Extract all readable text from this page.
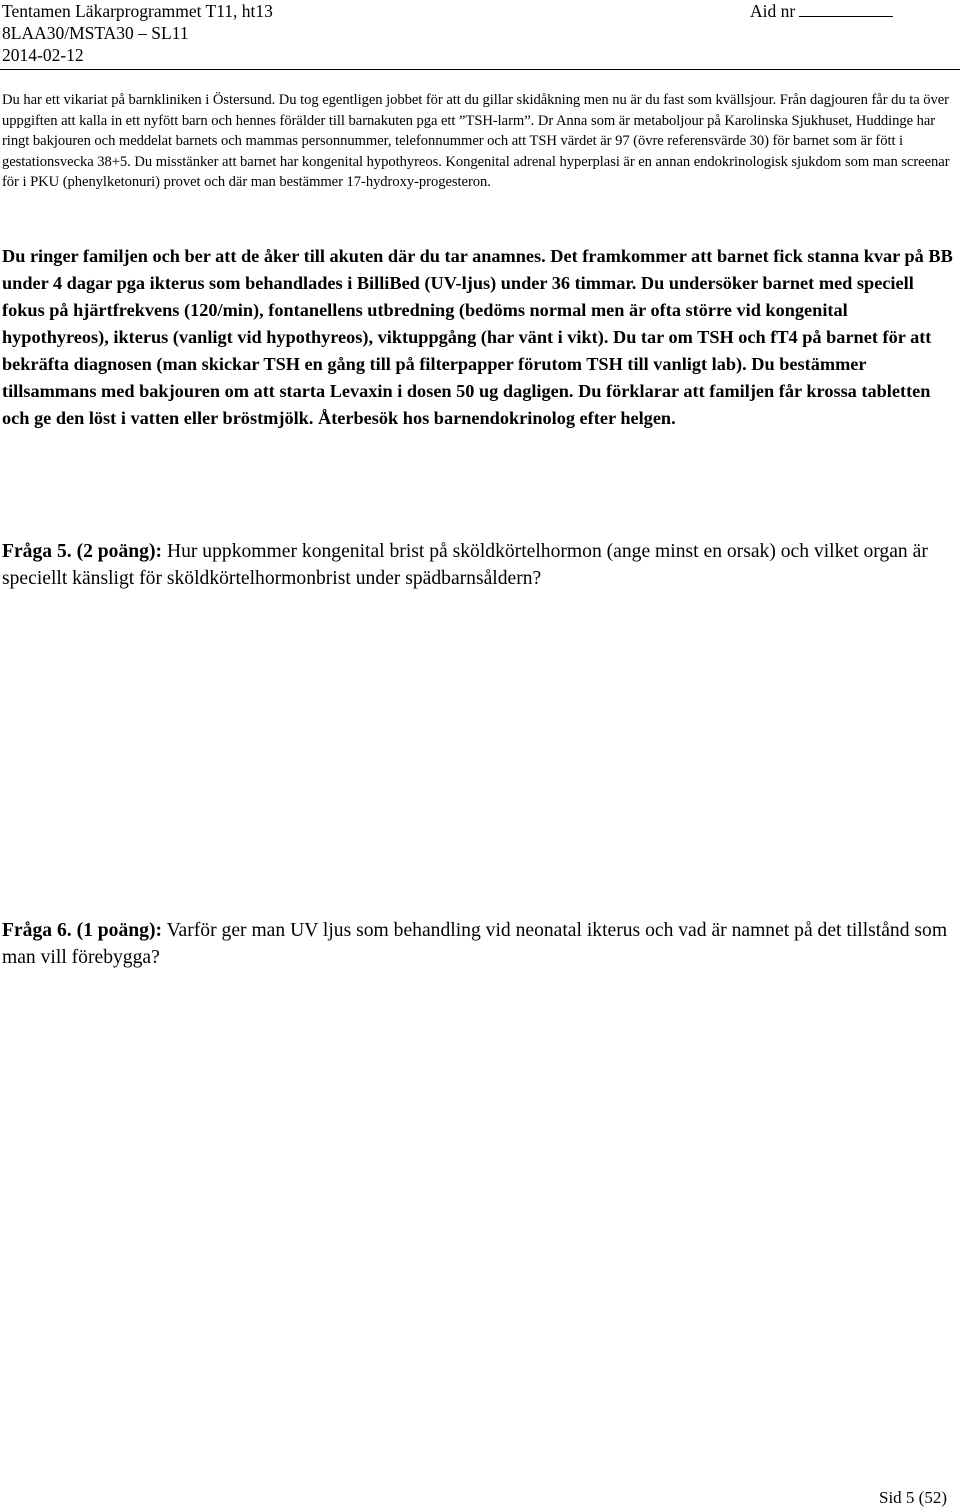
Tentamen Läkarprogrammet T11, ht13
8LAA30/MSTA30 – SL11
2014-02-12
Aid nr
Du har ett vikariat på barnkliniken i Östersund. Du tog egentligen jobbet för att du gillar skidåkning men nu är du fast som kvällsjour. Från dagjouren får du ta över uppgiften att kalla in ett nyfött barn och hennes förälder till barnakuten pga ett ”TSH-larm”. Dr Anna som är metaboljour på Karolinska Sjukhuset, Huddinge har ringt bakjouren och meddelat barnets och mammas personnummer, telefonnummer och att TSH värdet är 97 (övre referensvärde 30) för barnet som är fött i gestationsvecka 38+5. Du misstänker att barnet har kongenital hypothyreos. Kongenital adrenal hyperplasi är en annan endokrinologisk sjukdom som man screenar för i PKU (phenylketonuri) provet och där man bestämmer 17-hydroxy-progesteron.
Du ringer familjen och ber att de åker till akuten där du tar anamnes. Det framkommer att barnet fick stanna kvar på BB under 4 dagar pga ikterus som behandlades i BilliBed (UV-ljus) under 36 timmar. Du undersöker barnet med speciell fokus på hjärtfrekvens (120/min), fontanellens utbredning (bedöms normal men är ofta större vid kongenital hypothyreos), ikterus (vanligt vid hypothyreos), viktuppgång (har vänt i vikt). Du tar om TSH och fT4 på barnet för att bekräfta diagnosen (man skickar TSH en gång till på filterpapper förutom TSH till vanligt lab). Du bestämmer tillsammans med bakjouren om att starta Levaxin i dosen 50 ug dagligen. Du förklarar att familjen får krossa tabletten och ge den löst i vatten eller bröstmjölk. Återbesök hos barnendokrinolog efter helgen.
Fråga 5. (2 poäng): Hur uppkommer kongenital brist på sköldkörtelhormon (ange minst en orsak) och vilket organ är speciellt känsligt för sköldkörtelhormonbrist under spädbarnsåldern?
Fråga 6. (1 poäng): Varför ger man UV ljus som behandling vid neonatal ikterus och vad är namnet på det tillstånd som man vill förebygga?
Sid 5 (52)
